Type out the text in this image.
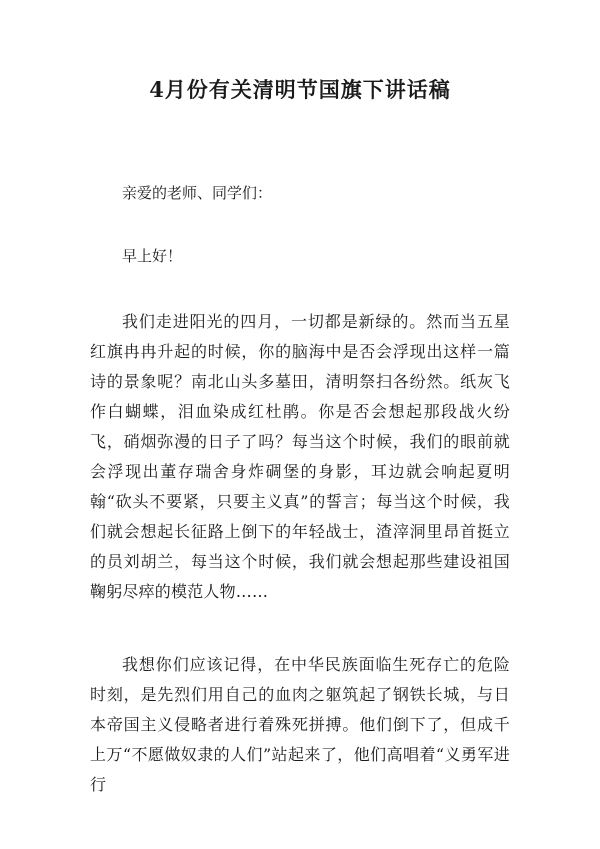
4月份有关清明节国旗下讲话稿

亲爱的老师、同学们：

早上好！

我们走进阳光的四月，一切都是新绿的。然而当五星红旗冉冉升起的时候，你的脑海中是否会浮现出这样一篇诗的景象呢？南北山头多墓田，清明祭扫各纷然。纸灰飞作白蝴蝶，泪血染成红杜鹃。你是否会想起那段战火纷飞，硝烟弥漫的日子了吗？每当这个时候，我们的眼前就会浮现出董存瑞舍身炸碉堡的身影，耳边就会响起夏明翰“砍头不要紧，只要主义真”的誓言；每当这个时候，我们就会想起长征路上倒下的年轻战士，渣滓洞里昂首挺立的员刘胡兰，每当这个时候，我们就会想起那些建设祖国鞠躬尽瘁的模范人物……

我想你们应该记得，在中华民族面临生死存亡的危险时刻，是先烈们用自己的血肉之躯筑起了钢铁长城，与日本帝国主义侵略者进行着殊死拼搏。他们倒下了，但成千上万“不愿做奴隶的人们”站起来了，他们高唱着“义勇军进行
